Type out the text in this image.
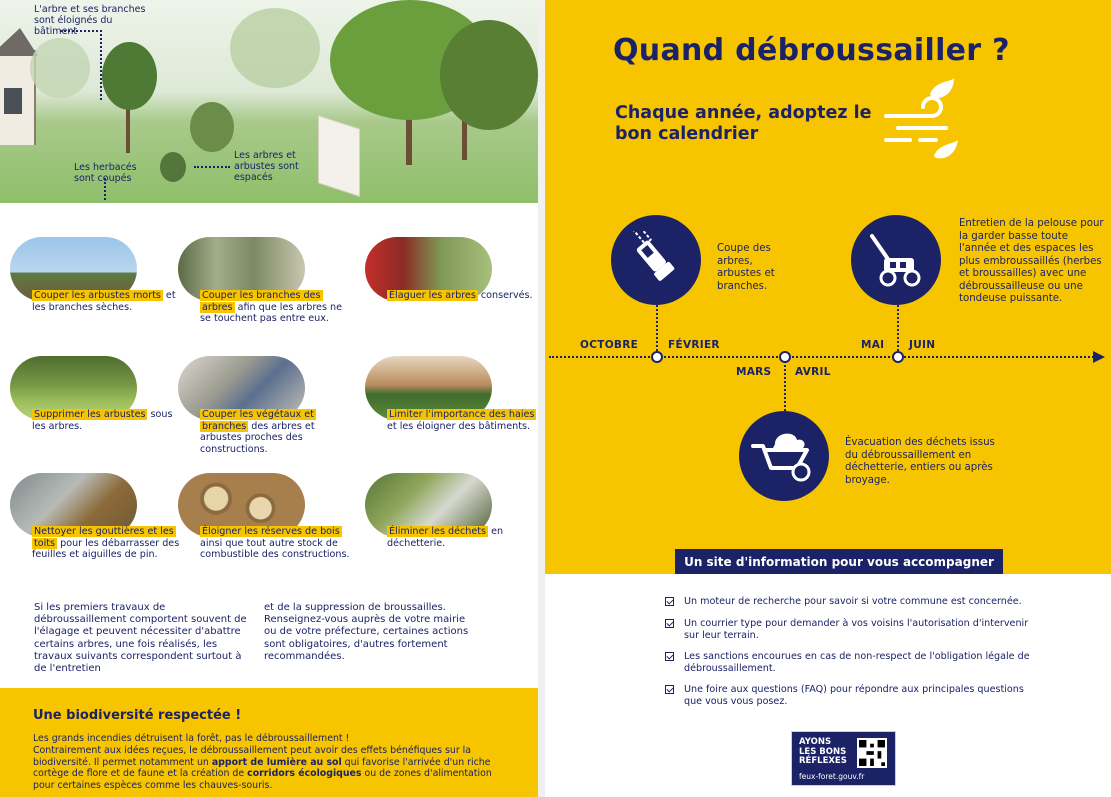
L'arbre et ses branches sont éloignés du bâtiment
Les herbacés sont coupés
Les arbres et arbustes sont espacés
Couper les arbustes morts et les branches sèches.
Couper les branches des arbres afin que les arbres ne se touchent pas entre eux.
Élaguer les arbres conservés.
Supprimer les arbustes sous les arbres.
Couper les végétaux et branches des arbres et arbustes proches des constructions.
Limiter l'importance des haies et les éloigner des bâtiments.
Nettoyer les gouttières et les toits pour les débarrasser des feuilles et aiguilles de pin.
Éloigner les réserves de bois ainsi que tout autre stock de combustible des constructions.
Éliminer les déchets en déchetterie.
Si les premiers travaux de débroussaillement comportent souvent de l'élagage et peuvent nécessiter d'abattre certains arbres, une fois réalisés, les travaux suivants correspondent surtout à de l'entretien
et de la suppression de broussailles. Renseignez-vous auprès de votre mairie ou de votre préfecture, certaines actions sont obligatoires, d'autres fortement recommandées.
Une biodiversité respectée !

Les grands incendies détruisent la forêt, pas le débroussaillement !

Contrairement aux idées reçues, le débroussaillement peut avoir des effets bénéfiques sur la biodiversité. Il permet notamment un apport de lumière au sol qui favorise l'arrivée d'un riche cortège de flore et de faune et la création de corridors écologiques ou de zones d'alimentation pour certaines espèces comme les chauves-souris.

Quand débroussailler ?
Chaque année, adoptez le bon calendrier
Coupe des arbres, arbustes et branches.
Entretien de la pelouse pour la garder basse toute l'année et des espaces les plus embroussaillés (herbes et broussailles) avec une débroussailleuse ou une tondeuse puissante.
OCTOBRE	FÉVRIER
MARS AVRIL
MAI JUIN
Évacuation des déchets issus du débroussaillement en déchetterie, entiers ou après broyage.
Un site d'information pour vous accompagner
Un moteur de recherche pour savoir si votre commune est concernée.
Un courrier type pour demander à vos voisins l'autorisation d'intervenir sur leur terrain.
Les sanctions encourues en cas de non-respect de l'obligation légale de débroussaillement.
Une foire aux questions (FAQ) pour répondre aux principales questions que vous vous posez.
AYONS
LES BONS
RÉFLEXES
feux-foret.gouv.fr
